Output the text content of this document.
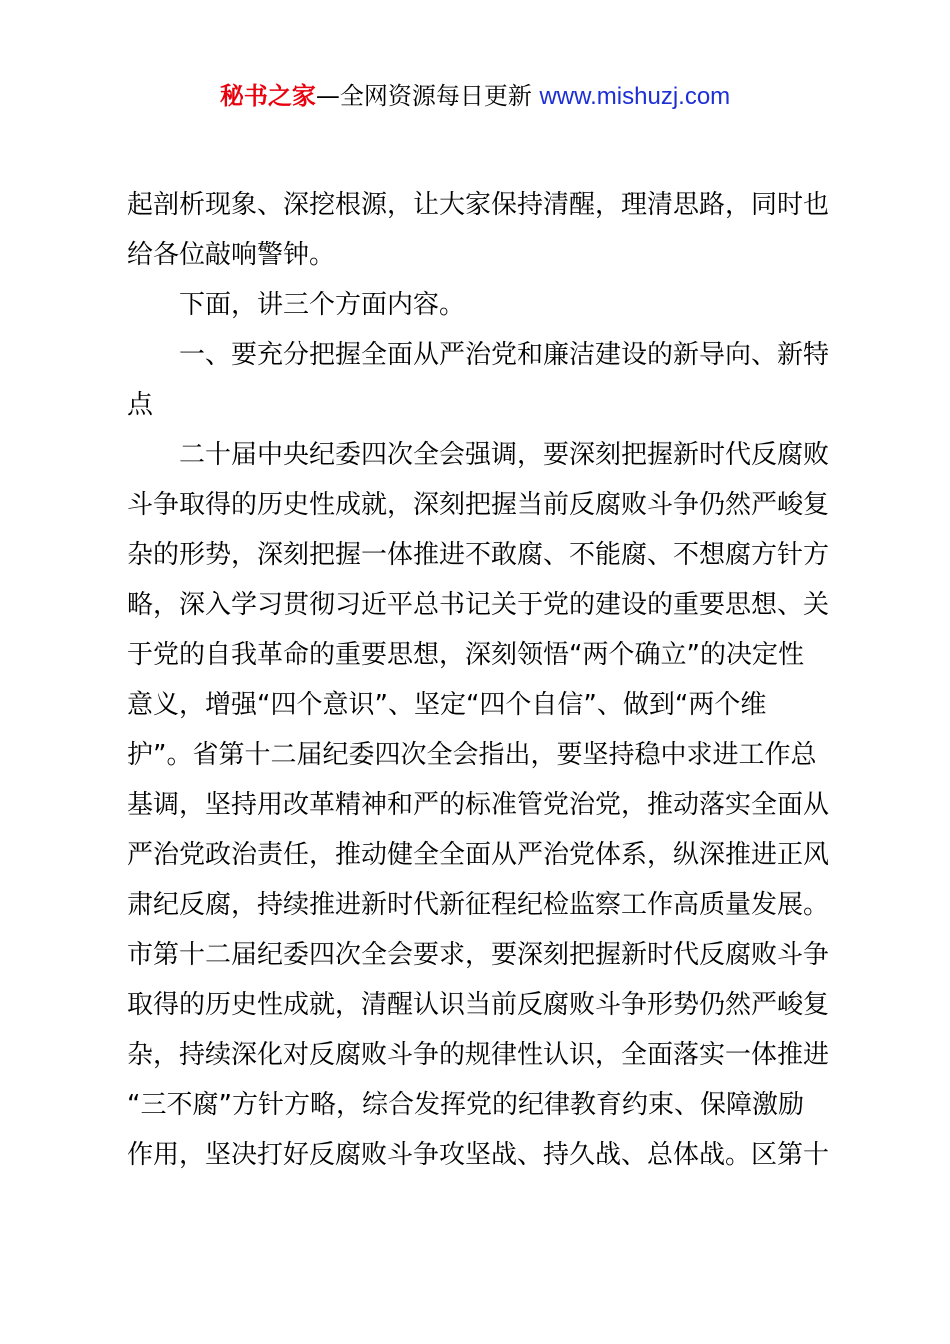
秘书之家—全网资源每日更新 www.mishuzj.com
起剖析现象、深挖根源，让大家保持清醒，理清思路，同时也
给各位敲响警钟。
下面，讲三个方面内容。
一、要充分把握全面从严治党和廉洁建设的新导向、新特
点
二十届中央纪委四次全会强调，要深刻把握新时代反腐败
斗争取得的历史性成就，深刻把握当前反腐败斗争仍然严峻复
杂的形势，深刻把握一体推进不敢腐、不能腐、不想腐方针方
略，深入学习贯彻习近平总书记关于党的建设的重要思想、关
于党的自我革命的重要思想，深刻领悟“两个确立”的决定性
意义，增强“四个意识”、坚定“四个自信”、做到“两个维
护”。省第十二届纪委四次全会指出，要坚持稳中求进工作总
基调，坚持用改革精神和严的标准管党治党，推动落实全面从
严治党政治责任，推动健全全面从严治党体系，纵深推进正风
肃纪反腐，持续推进新时代新征程纪检监察工作高质量发展。
市第十二届纪委四次全会要求，要深刻把握新时代反腐败斗争
取得的历史性成就，清醒认识当前反腐败斗争形势仍然严峻复
杂，持续深化对反腐败斗争的规律性认识，全面落实一体推进
“三不腐”方针方略，综合发挥党的纪律教育约束、保障激励
作用，坚决打好反腐败斗争攻坚战、持久战、总体战。区第十
